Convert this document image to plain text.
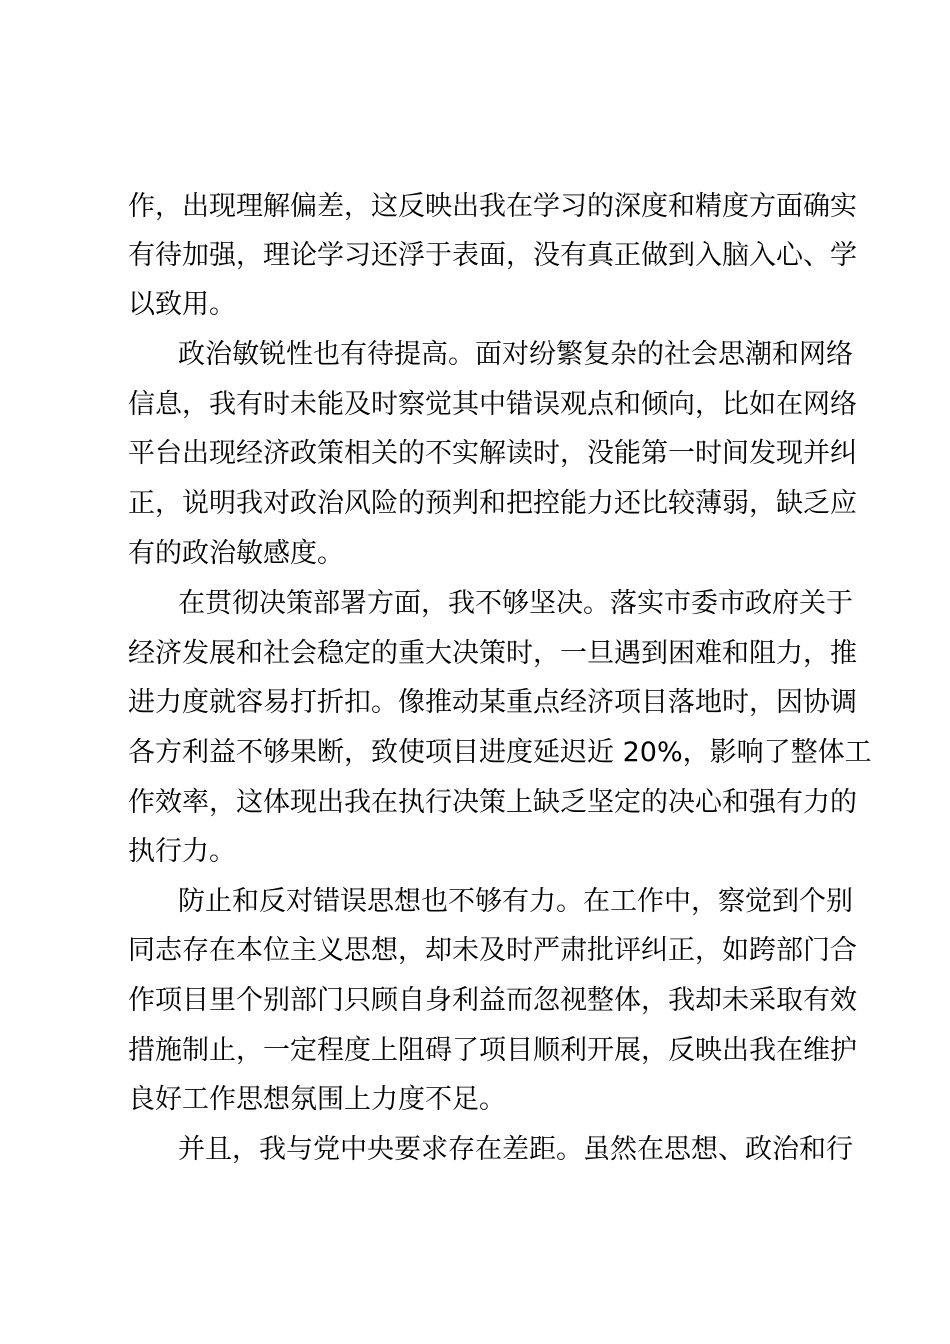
作，出现理解偏差，这反映出我在学习的深度和精度方面确实
有待加强，理论学习还浮于表面，没有真正做到入脑入心、学
以致用。
政治敏锐性也有待提高。面对纷繁复杂的社会思潮和网络
信息，我有时未能及时察觉其中错误观点和倾向，比如在网络
平台出现经济政策相关的不实解读时，没能第一时间发现并纠
正，说明我对政治风险的预判和把控能力还比较薄弱，缺乏应
有的政治敏感度。
在贯彻决策部署方面，我不够坚决。落实市委市政府关于
经济发展和社会稳定的重大决策时，一旦遇到困难和阻力，推
进力度就容易打折扣。像推动某重点经济项目落地时，因协调
各方利益不够果断，致使项目进度延迟近 20%，影响了整体工
作效率，这体现出我在执行决策上缺乏坚定的决心和强有力的
执行力。
防止和反对错误思想也不够有力。在工作中，察觉到个别
同志存在本位主义思想，却未及时严肃批评纠正，如跨部门合
作项目里个别部门只顾自身利益而忽视整体，我却未采取有效
措施制止，一定程度上阻碍了项目顺利开展，反映出我在维护
良好工作思想氛围上力度不足。
并且，我与党中央要求存在差距。虽然在思想、政治和行
